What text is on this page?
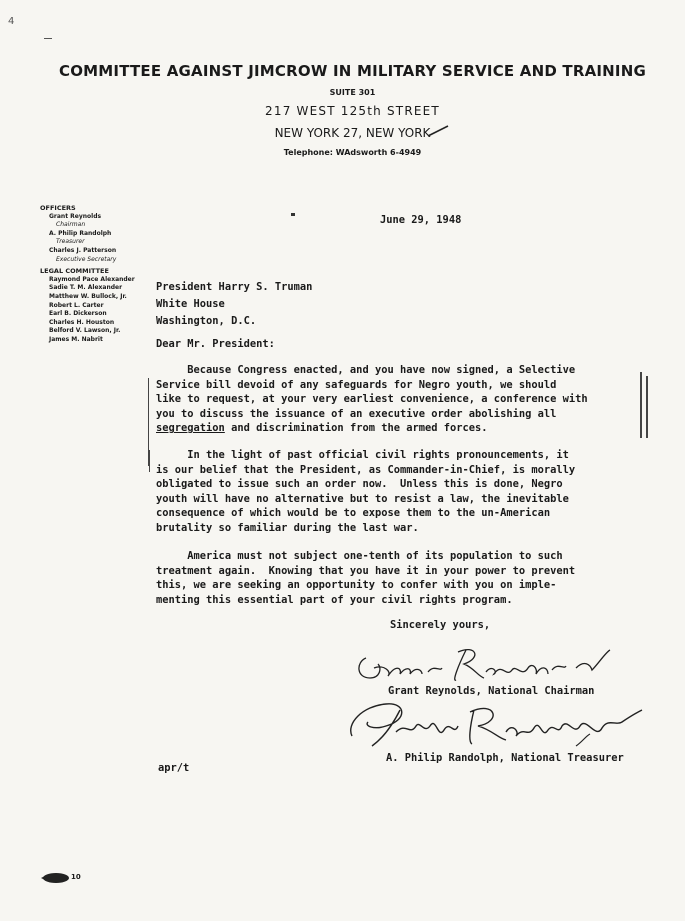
4
COMMITTEE AGAINST JIMCROW IN MILITARY SERVICE AND TRAINING
SUITE 301
217 WEST 125th STREET
NEW YORK 27, NEW YORK
Telephone: WAdsworth 6-4949
OFFICERS
Grant Reynolds
Chairman
A. Philip Randolph
Treasurer
Charles J. Patterson
Executive Secretary
LEGAL COMMITTEE
Raymond Pace Alexander
Sadie T. M. Alexander
Matthew W. Bullock, Jr.
Robert L. Carter
Earl B. Dickerson
Charles H. Houston
Belford V. Lawson, Jr.
James M. Nabrit
June 29, 1948
President Harry S. Truman
White House
Washington, D.C.
Dear Mr. President:
Because Congress enacted, and you have now signed, a Selective
Service bill devoid of any safeguards for Negro youth, we should
like to request, at your very earliest convenience, a conference with
you to discuss the issuance of an executive order abolishing all
segregation and discrimination from the armed forces.
In the light of past official civil rights pronouncements, it
is our belief that the President, as Commander-in-Chief, is morally
obligated to issue such an order now.  Unless this is done, Negro
youth will have no alternative but to resist a law, the inevitable
consequence of which would be to expose them to the un-American
brutality so familiar during the last war.
America must not subject one-tenth of its population to such
treatment again.  Knowing that you have it in your power to prevent
this, we are seeking an opportunity to confer with you on imple-
menting this essential part of your civil rights program.
Sincerely yours,
Grant Reynolds, National Chairman
A. Philip Randolph, National Treasurer
apr/t
10
